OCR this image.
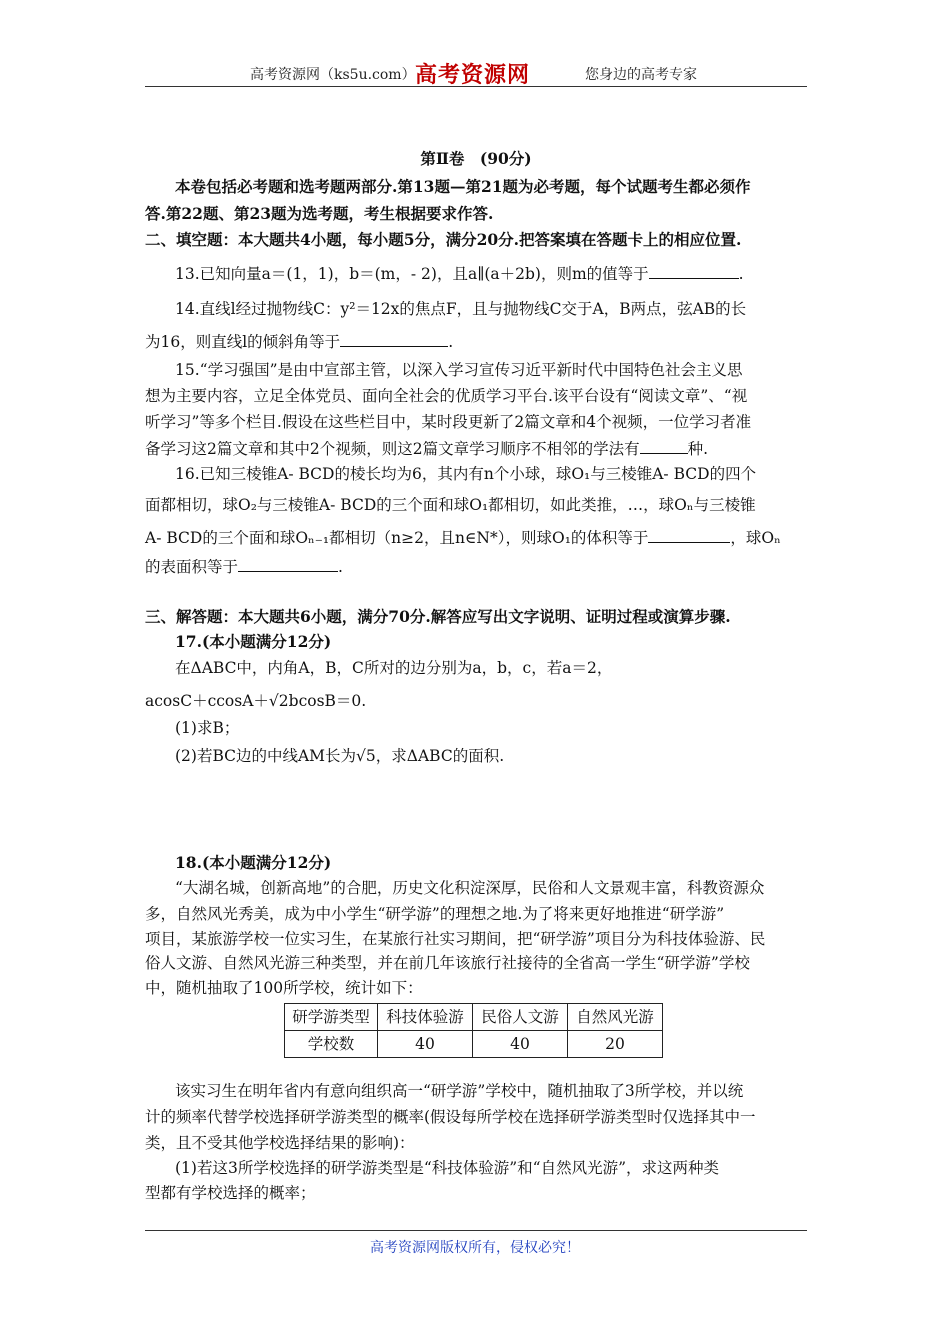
高考资源网（ks5u.com） 高考资源网	您身边的高考专家
第Ⅱ卷　(90分)
本卷包括必考题和选考题两部分.第13题—第21题为必考题，每个试题考生都必须作
答.第22题、第23题为选考题，考生根据要求作答.
二、填空题：本大题共4小题，每小题5分，满分20分.把答案填在答题卡上的相应位置.
13.已知向量a＝(1，1)，b＝(m，- 2)，且a∥(a＋2b)，则m的值等于	.
14.直线l经过抛物线C：y²＝12x的焦点F，且与抛物线C交于A，B两点，弦AB的长
为16，则直线l的倾斜角等于	.
15.“学习强国”是由中宣部主管，以深入学习宣传习近平新时代中国特色社会主义思
想为主要内容，立足全体党员、面向全社会的优质学习平台.该平台设有“阅读文章”、“视
听学习”等多个栏目.假设在这些栏目中，某时段更新了2篇文章和4个视频，一位学习者准
备学习这2篇文章和其中2个视频，则这2篇文章学习顺序不相邻的学法有	种.
16.已知三棱锥A- BCD的棱长均为6，其内有n个小球，球O₁与三棱锥A- BCD的四个
面都相切，球O₂与三棱锥A- BCD的三个面和球O₁都相切，如此类推，…，球Oₙ与三棱锥
A- BCD的三个面和球Oₙ₋₁都相切（n≥2，且n∈N*），则球O₁的体积等于	，球Oₙ
的表面积等于	.
三、解答题：本大题共6小题，满分70分.解答应写出文字说明、证明过程或演算步骤.
17.(本小题满分12分)
在ΔABC中，内角A，B，C所对的边分别为a，b，c，若a＝2，
acosC＋ccosA＋√2bcosB＝0.
(1)求B；
(2)若BC边的中线AM长为√5，求ΔABC的面积.
18.(本小题满分12分)
“大湖名城，创新高地”的合肥，历史文化积淀深厚，民俗和人文景观丰富，科教资源众
多，自然风光秀美，成为中小学生“研学游”的理想之地.为了将来更好地推进“研学游”
项目，某旅游学校一位实习生，在某旅行社实习期间，把“研学游”项目分为科技体验游、民
俗人文游、自然风光游三种类型，并在前几年该旅行社接待的全省高一学生“研学游”学校
中，随机抽取了100所学校，统计如下：
研学游类型	科技体验游	民俗人文游	自然风光游
学校数	40	40	20
该实习生在明年省内有意向组织高一“研学游”学校中，随机抽取了3所学校，并以统
计的频率代替学校选择研学游类型的概率(假设每所学校在选择研学游类型时仅选择其中一
类，且不受其他学校选择结果的影响)：
(1)若这3所学校选择的研学游类型是“科技体验游”和“自然风光游”，求这两种类
型都有学校选择的概率；
高考资源网版权所有，侵权必究！
